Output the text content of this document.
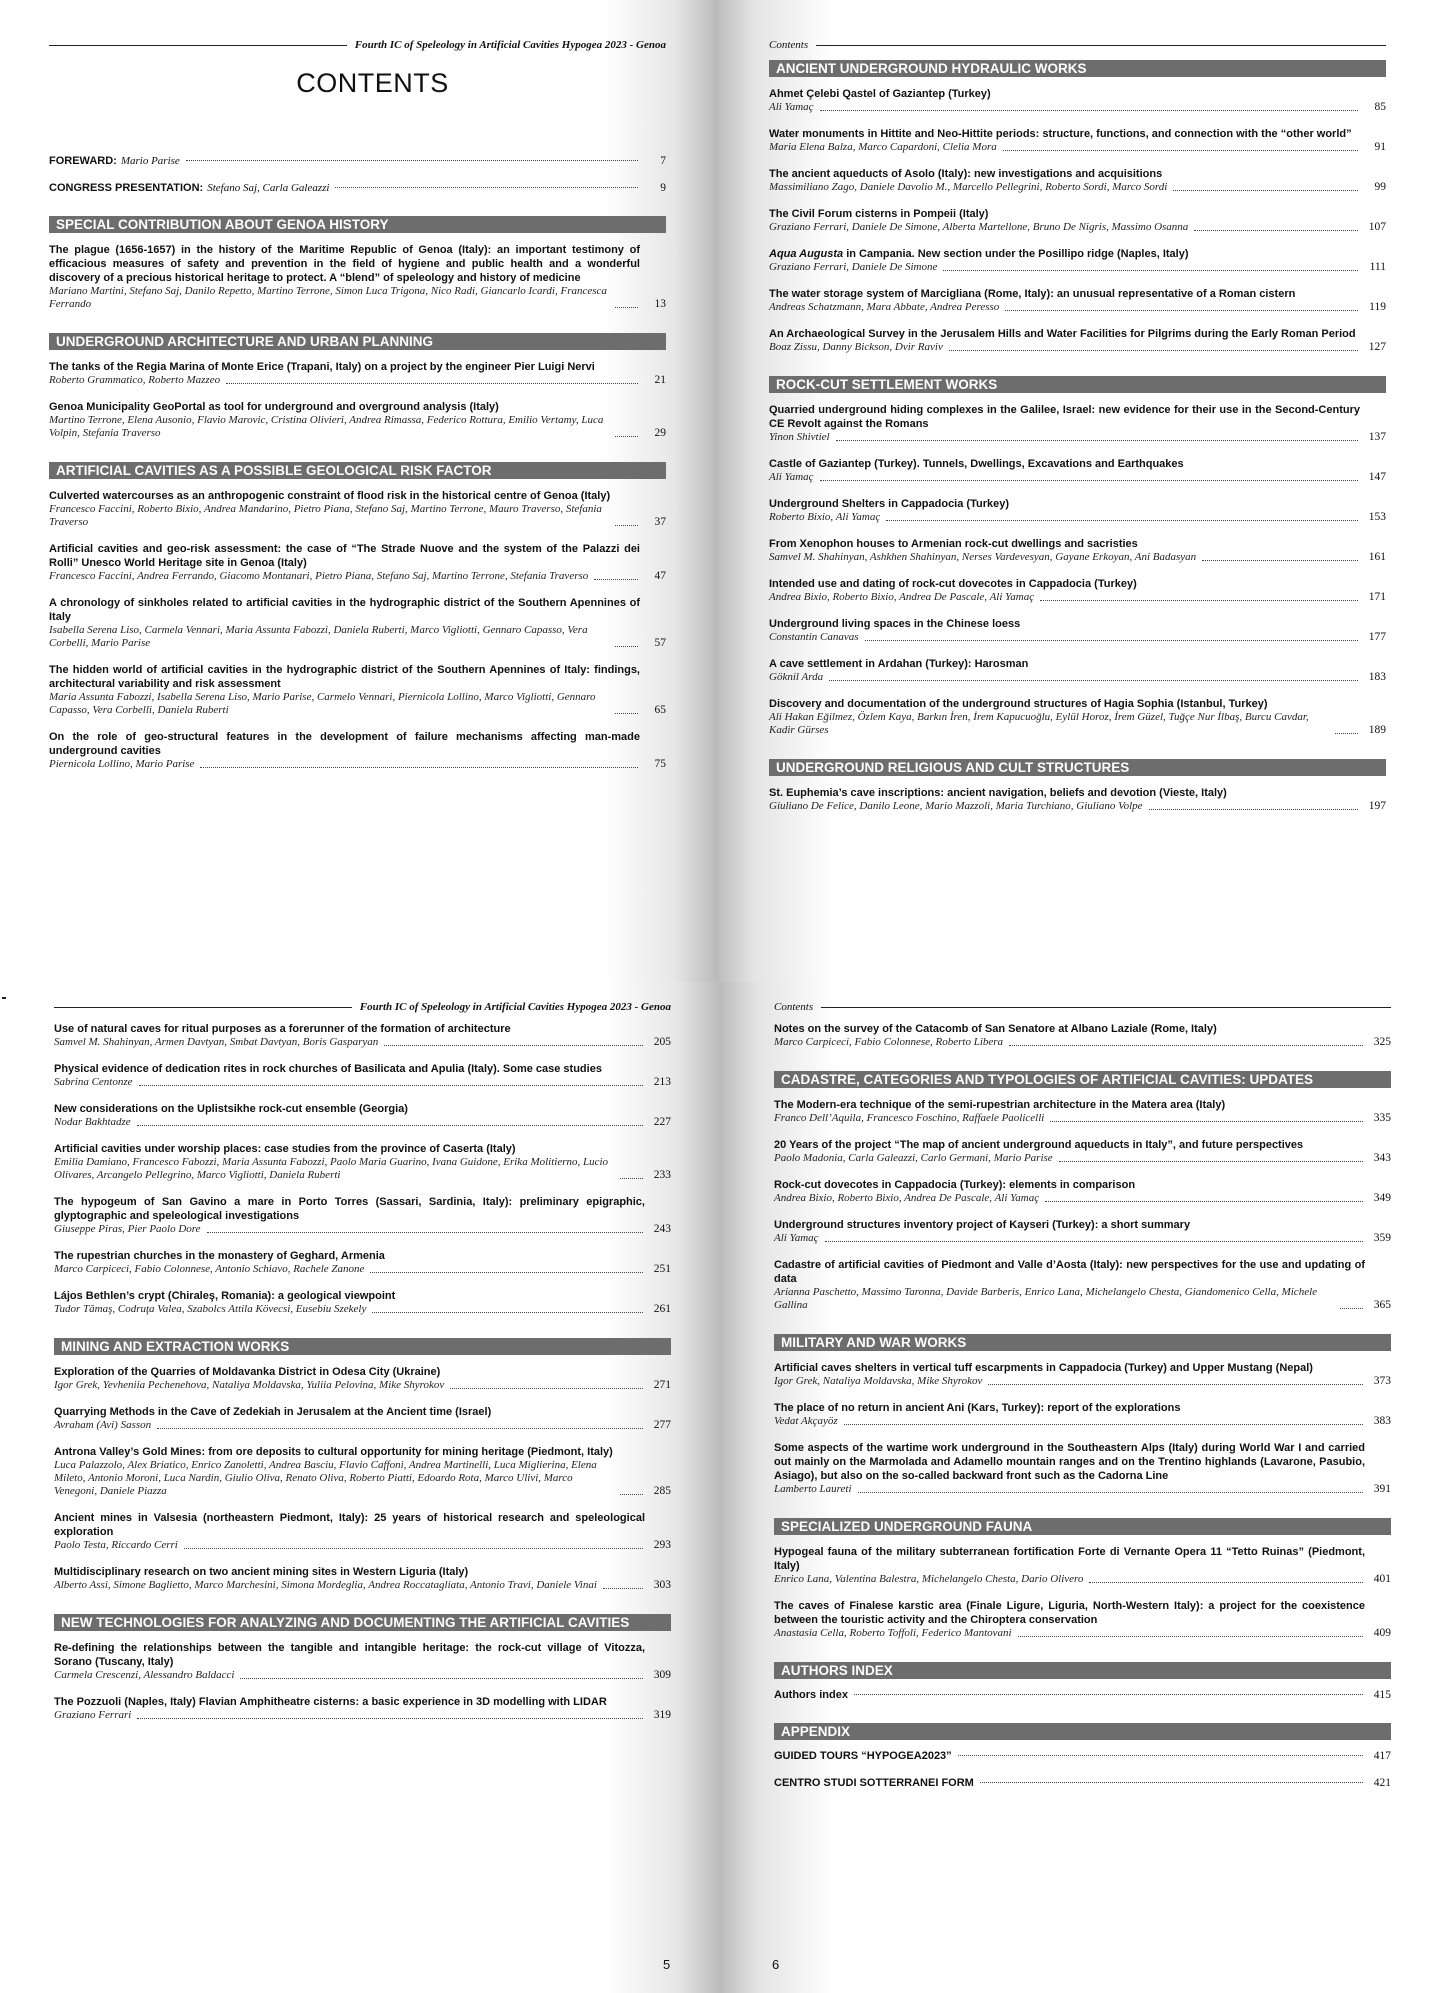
Fourth IC of Speleology in Artificial Cavities Hypogea 2023 - Genoa
CONTENTS
FOREWARD: Mario Parise	7
CONGRESS PRESENTATION: Stefano Saj, Carla Galeazzi	9
SPECIAL CONTRIBUTION ABOUT GENOA HISTORY
The plague (1656-1657) in the history of the Maritime Republic of Genoa (Italy): an important testimony of efficacious measures of safety and prevention in the field of hygiene and public health and a wonderful discovery of a precious historical heritage to protect. A “blend” of speleology and history of medicine
Mariano Martini, Stefano Saj, Danilo Repetto, Martino Terrone, Simon Luca Trigona, Nico Radi, Giancarlo Icardi, Francesca Ferrando	13
UNDERGROUND ARCHITECTURE AND URBAN PLANNING
The tanks of the Regia Marina of Monte Erice (Trapani, Italy) on a project by the engineer Pier Luigi Nervi
Roberto Grammatico, Roberto Mazzeo	21
Genoa Municipality GeoPortal as tool for underground and overground analysis (Italy)
Martino Terrone, Elena Ausonio, Flavio Marovic, Cristina Olivieri, Andrea Rimassa, Federico Rottura, Emilio Vertamy, Luca Volpin, Stefania Traverso	29
ARTIFICIAL CAVITIES AS A POSSIBLE GEOLOGICAL RISK FACTOR
Culverted watercourses as an anthropogenic constraint of flood risk in the historical centre of Genoa (Italy)
Francesco Faccini, Roberto Bixio, Andrea Mandarino, Pietro Piana, Stefano Saj, Martino Terrone, Mauro Traverso, Stefania Traverso	37
Artificial cavities and geo-risk assessment: the case of “The Strade Nuove and the system of the Palazzi dei Rolli” Unesco World Heritage site in Genoa (Italy)
Francesco Faccini, Andrea Ferrando, Giacomo Montanari, Pietro Piana, Stefano Saj, Martino Terrone, Stefania Traverso	47
A chronology of sinkholes related to artificial cavities in the hydrographic district of the Southern Apennines of Italy
Isabella Serena Liso, Carmela Vennari, Maria Assunta Fabozzi, Daniela Ruberti, Marco Vigliotti, Gennaro Capasso, Vera Corbelli, Mario Parise	57
The hidden world of artificial cavities in the hydrographic district of the Southern Apennines of Italy: findings, architectural variability and risk assessment
Maria Assunta Fabozzi, Isabella Serena Liso, Mario Parise, Carmelo Vennari, Piernicola Lollino, Marco Vigliotti, Gennaro Capasso, Vera Corbelli, Daniela Ruberti	65
On the role of geo-structural features in the development of failure mechanisms affecting man-made underground cavities
Piernicola Lollino, Mario Parise	75
Contents
ANCIENT UNDERGROUND HYDRAULIC WORKS
Ahmet Çelebi Qastel of Gaziantep (Turkey)
Ali Yamaç	85
Water monuments in Hittite and Neo-Hittite periods: structure, functions, and connection with the “other world”
Maria Elena Balza, Marco Capardoni, Clelia Mora	91
The ancient aqueducts of Asolo (Italy): new investigations and acquisitions
Massimiliano Zago, Daniele Davolio M., Marcello Pellegrini, Roberto Sordi, Marco Sordi	99
The Civil Forum cisterns in Pompeii (Italy)
Graziano Ferrari, Daniele De Simone, Alberta Martellone, Bruno De Nigris, Massimo Osanna	107
Aqua Augusta in Campania. New section under the Posillipo ridge (Naples, Italy)
Graziano Ferrari, Daniele De Simone	111
The water storage system of Marcigliana (Rome, Italy): an unusual representative of a Roman cistern
Andreas Schatzmann, Mara Abbate, Andrea Peresso	119
An Archaeological Survey in the Jerusalem Hills and Water Facilities for Pilgrims during the Early Roman Period
Boaz Zissu, Danny Bickson, Dvir Raviv	127
ROCK-CUT SETTLEMENT WORKS
Quarried underground hiding complexes in the Galilee, Israel: new evidence for their use in the Second-Century CE Revolt against the Romans
Yinon Shivtiel	137
Castle of Gaziantep (Turkey). Tunnels, Dwellings, Excavations and Earthquakes
Ali Yamaç	147
Underground Shelters in Cappadocia (Turkey)
Roberto Bixio, Ali Yamaç	153
From Xenophon houses to Armenian rock-cut dwellings and sacristies
Samvel M. Shahinyan, Ashkhen Shahinyan, Nerses Vardevesyan, Gayane Erkoyan, Ani Badasyan	161
Intended use and dating of rock-cut dovecotes in Cappadocia (Turkey)
Andrea Bixio, Roberto Bixio, Andrea De Pascale, Ali Yamaç	171
Underground living spaces in the Chinese loess
Constantin Canavas	177
A cave settlement in Ardahan (Turkey): Harosman
Göknil Arda	183
Discovery and documentation of the underground structures of Hagia Sophia (Istanbul, Turkey)
Ali Hakan Eğilmez, Özlem Kaya, Barkın İren, İrem Kapucuoğlu, Eylül Horoz, İrem Güzel, Tuğçe Nur İlbaş, Burcu Cavdar, Kadir Gürses	189
UNDERGROUND RELIGIOUS AND CULT STRUCTURES
St. Euphemia’s cave inscriptions: ancient navigation, beliefs and devotion (Vieste, Italy)
Giuliano De Felice, Danilo Leone, Mario Mazzoli, Maria Turchiano, Giuliano Volpe	197
Fourth IC of Speleology in Artificial Cavities Hypogea 2023 - Genoa
Use of natural caves for ritual purposes as a forerunner of the formation of architecture
Samvel M. Shahinyan, Armen Davtyan, Smbat Davtyan, Boris Gasparyan	205
Physical evidence of dedication rites in rock churches of Basilicata and Apulia (Italy). Some case studies
Sabrina Centonze	213
New considerations on the Uplistsikhe rock-cut ensemble (Georgia)
Nodar Bakhtadze	227
Artificial cavities under worship places: case studies from the province of Caserta (Italy)
Emilia Damiano, Francesco Fabozzi, Maria Assunta Fabozzi, Paolo Maria Guarino, Ivana Guidone, Erika Molitierno, Lucio Olivares, Arcangelo Pellegrino, Marco Vigliotti, Daniela Ruberti	233
The hypogeum of San Gavino a mare in Porto Torres (Sassari, Sardinia, Italy): preliminary epigraphic, glyptographic and speleological investigations
Giuseppe Piras, Pier Paolo Dore	243
The rupestrian churches in the monastery of Geghard, Armenia
Marco Carpiceci, Fabio Colonnese, Antonio Schiavo, Rachele Zanone	251
Lájos Bethlen’s crypt (Chiraleş, Romania): a geological viewpoint
Tudor Tămaş, Codruţa Valea, Szabolcs Attila Kövecsi, Eusebiu Szekely	261
MINING AND EXTRACTION WORKS
Exploration of the Quarries of Moldavanka District in Odesa City (Ukraine)
Igor Grek, Yevheniia Pechenehova, Nataliya Moldavska, Yuliia Pelovina, Mike Shyrokov	271
Quarrying Methods in the Cave of Zedekiah in Jerusalem at the Ancient time (Israel)
Avraham (Avi) Sasson	277
Antrona Valley’s Gold Mines: from ore deposits to cultural opportunity for mining heritage (Piedmont, Italy)
Luca Palazzolo, Alex Briatico, Enrico Zanoletti, Andrea Basciu, Flavio Caffoni, Andrea Martinelli, Luca Miglierina, Elena Mileto, Antonio Moroni, Luca Nardin, Giulio Oliva, Renato Oliva, Roberto Piatti, Edoardo Rota, Marco Ulivi, Marco Venegoni, Daniele Piazza	285
Ancient mines in Valsesia (northeastern Piedmont, Italy): 25 years of historical research and speleological exploration
Paolo Testa, Riccardo Cerri	293
Multidisciplinary research on two ancient mining sites in Western Liguria (Italy)
Alberto Assi, Simone Baglietto, Marco Marchesini, Simona Mordeglia, Andrea Roccatagliata, Antonio Travi, Daniele Vinai	303
NEW TECHNOLOGIES FOR ANALYZING AND DOCUMENTING THE ARTIFICIAL CAVITIES
Re-defining the relationships between the tangible and intangible heritage: the rock-cut village of Vitozza, Sorano (Tuscany, Italy)
Carmela Crescenzi, Alessandro Baldacci	309
The Pozzuoli (Naples, Italy) Flavian Amphitheatre cisterns: a basic experience in 3D modelling with LIDAR
Graziano Ferrari	319
5
Contents
Notes on the survey of the Catacomb of San Senatore at Albano Laziale (Rome, Italy)
Marco Carpiceci, Fabio Colonnese, Roberto Libera	325
CADASTRE, CATEGORIES AND TYPOLOGIES OF ARTIFICIAL CAVITIES: UPDATES
The Modern-era technique of the semi-rupestrian architecture in the Matera area (Italy)
Franco Dell’Aquila, Francesco Foschino, Raffaele Paolicelli	335
20 Years of the project “The map of ancient underground aqueducts in Italy”, and future perspectives
Paolo Madonia, Carla Galeazzi, Carlo Germani, Mario Parise	343
Rock-cut dovecotes in Cappadocia (Turkey): elements in comparison
Andrea Bixio, Roberto Bixio, Andrea De Pascale, Ali Yamaç	349
Underground structures inventory project of Kayseri (Turkey): a short summary
Ali Yamaç	359
Cadastre of artificial cavities of Piedmont and Valle d’Aosta (Italy): new perspectives for the use and updating of data
Arianna Paschetto, Massimo Taronna, Davide Barberis, Enrico Lana, Michelangelo Chesta, Giandomenico Cella, Michele Gallina	365
MILITARY AND WAR WORKS
Artificial caves shelters in vertical tuff escarpments in Cappadocia (Turkey) and Upper Mustang (Nepal)
Igor Grek, Nataliya Moldavska, Mike Shyrokov	373
The place of no return in ancient Ani (Kars, Turkey): report of the explorations
Vedat Akçayöz	383
Some aspects of the wartime work underground in the Southeastern Alps (Italy) during World War I and carried out mainly on the Marmolada and Adamello mountain ranges and on the Trentino highlands (Lavarone, Pasubio, Asiago), but also on the so-called backward front such as the Cadorna Line
Lamberto Laureti	391
SPECIALIZED UNDERGROUND FAUNA
Hypogeal fauna of the military subterranean fortification Forte di Vernante Opera 11 “Tetto Ruinas” (Piedmont, Italy)
Enrico Lana, Valentina Balestra, Michelangelo Chesta, Dario Olivero	401
The caves of Finalese karstic area (Finale Ligure, Liguria, North-Western Italy): a project for the coexistence between the touristic activity and the Chiroptera conservation
Anastasia Cella, Roberto Toffoli, Federico Mantovani	409
AUTHORS INDEX
Authors index	415
APPENDIX
GUIDED TOURS “HYPOGEA2023”	417
CENTRO STUDI SOTTERRANEI FORM	421
6
